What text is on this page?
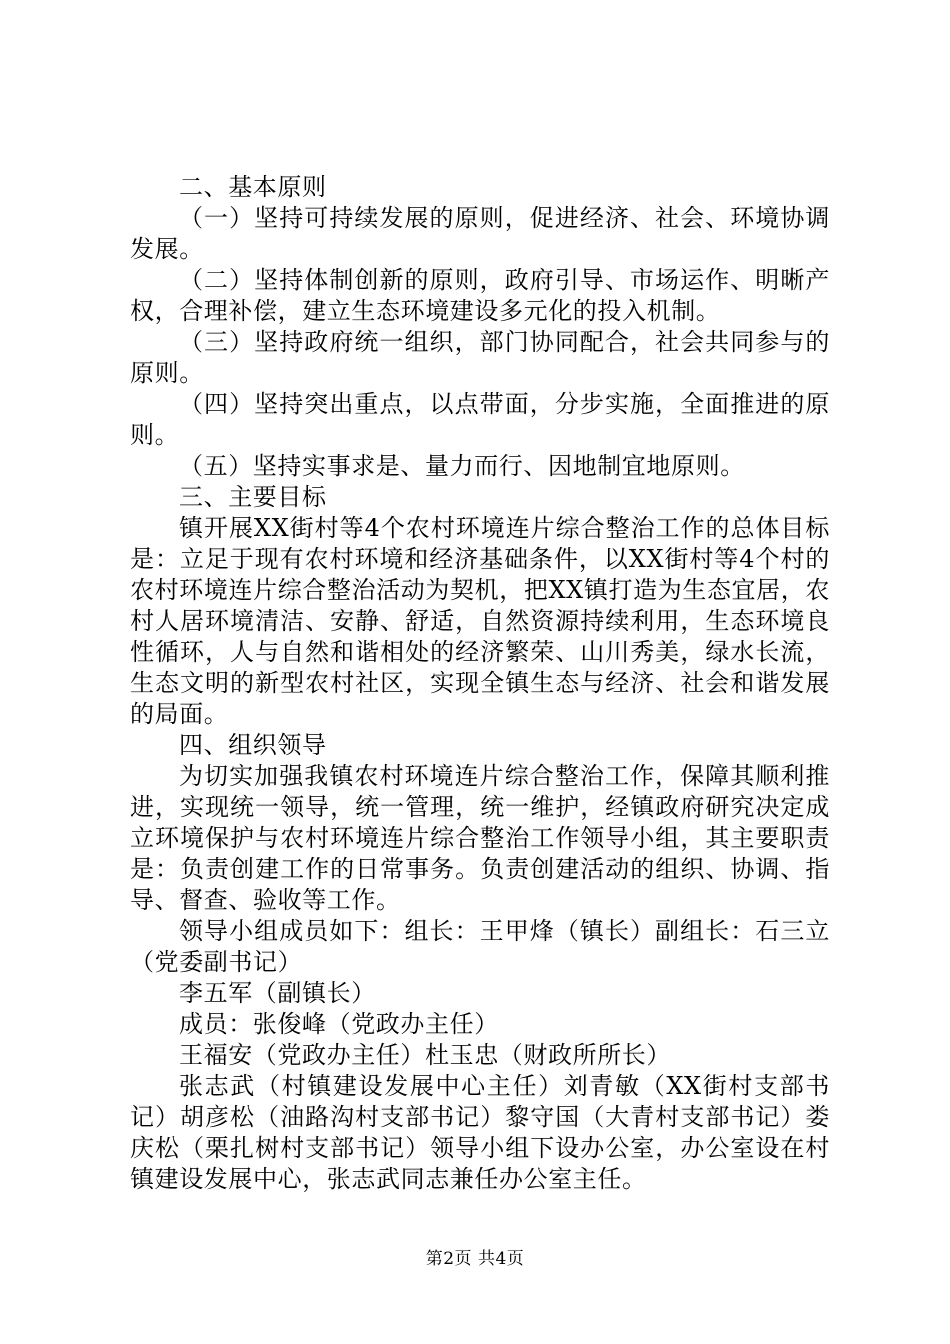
二、基本原则

（一）坚持可持续发展的原则，促进经济、社会、环境协调发展。

（二）坚持体制创新的原则，政府引导、市场运作、明晰产权，合理补偿，建立生态环境建设多元化的投入机制。

（三）坚持政府统一组织，部门协同配合，社会共同参与的原则。

（四）坚持突出重点，以点带面，分步实施，全面推进的原则。

（五）坚持实事求是、量力而行、因地制宜地原则。

三、主要目标

镇开展XX街村等4个农村环境连片综合整治工作的总体目标是：立足于现有农村环境和经济基础条件，以XX街村等4个村的农村环境连片综合整治活动为契机，把XX镇打造为生态宜居，农村人居环境清洁、安静、舒适，自然资源持续利用，生态环境良性循环，人与自然和谐相处的经济繁荣、山川秀美，绿水长流，生态文明的新型农村社区，实现全镇生态与经济、社会和谐发展的局面。

四、组织领导

为切实加强我镇农村环境连片综合整治工作，保障其顺利推进，实现统一领导，统一管理，统一维护，经镇政府研究决定成立环境保护与农村环境连片综合整治工作领导小组，其主要职责是：负责创建工作的日常事务。负责创建活动的组织、协调、指导、督查、验收等工作。

领导小组成员如下：组长：王甲烽（镇长）副组长：石三立（党委副书记）

李五军（副镇长）

成员：张俊峰（党政办主任）

王福安（党政办主任）杜玉忠（财政所所长）

张志武（村镇建设发展中心主任）刘青敏（XX街村支部书记）胡彦松（油路沟村支部书记）黎守国（大青村支部书记）娄庆松（栗扎树村支部书记）领导小组下设办公室，办公室设在村镇建设发展中心，张志武同志兼任办公室主任。

第2页 共4页
